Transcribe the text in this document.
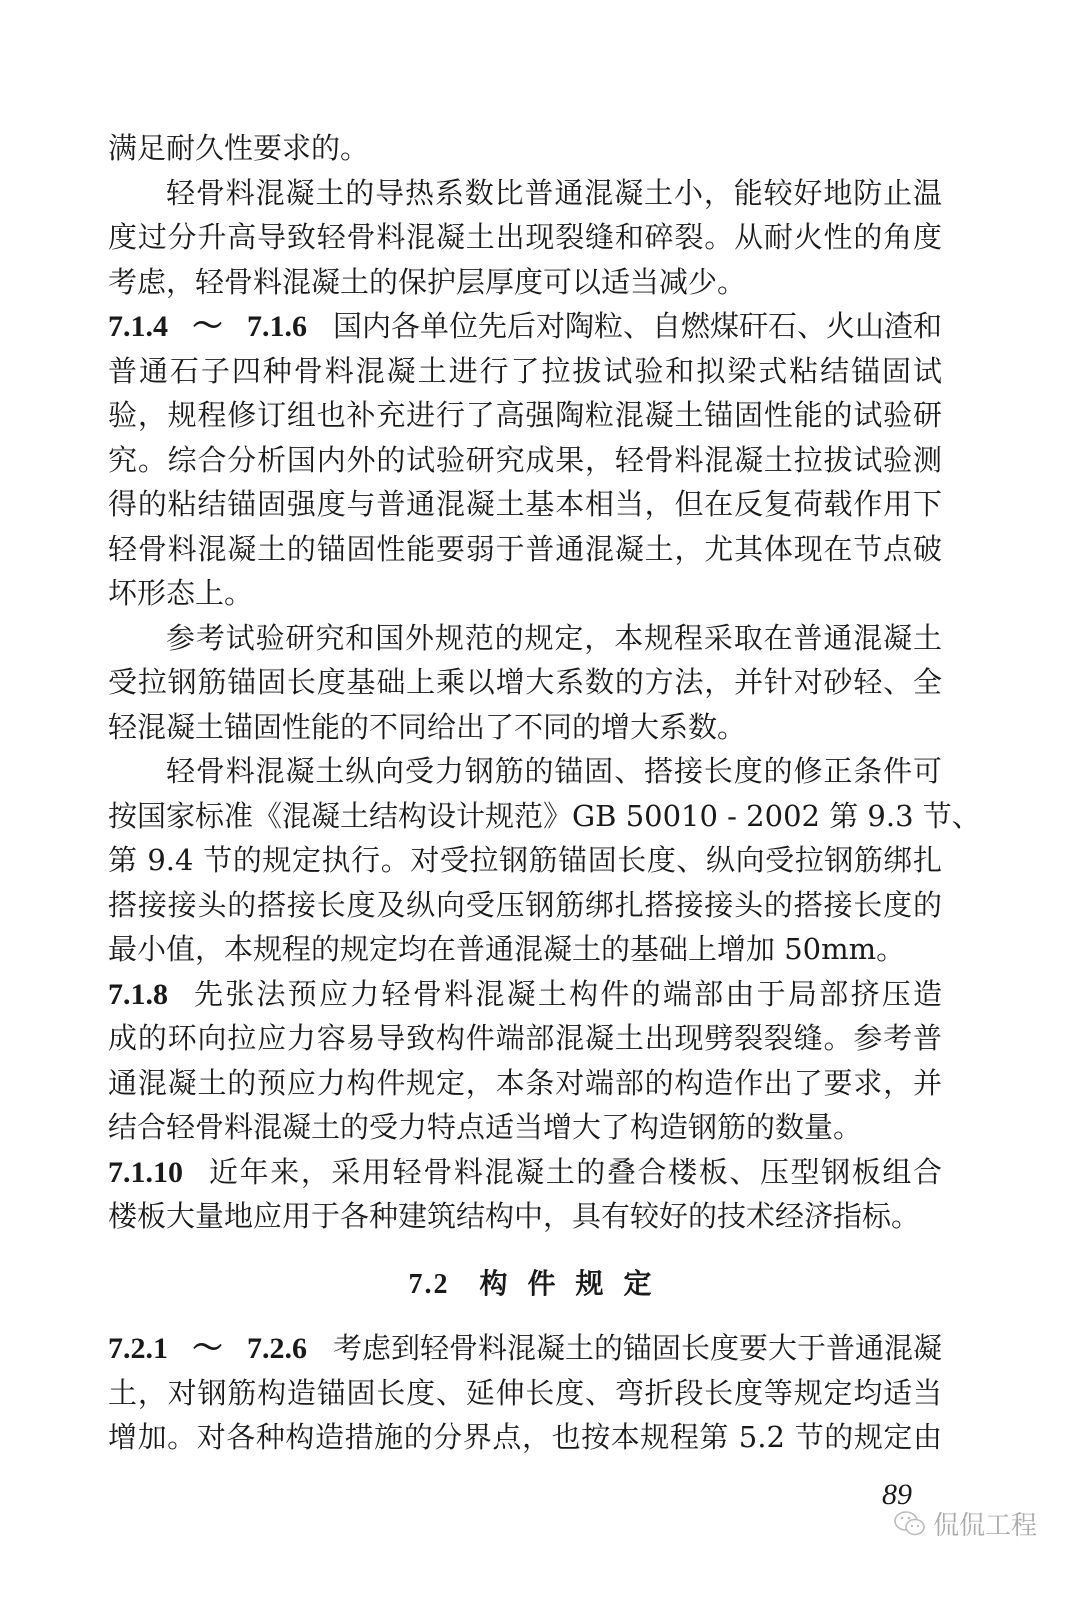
满足耐久性要求的。
轻骨料混凝土的导热系数比普通混凝土小，能较好地防止温
度过分升高导致轻骨料混凝土出现裂缝和碎裂。从耐火性的角度
考虑，轻骨料混凝土的保护层厚度可以适当减少。
7.1.4～7.1.6 国内各单位先后对陶粒、自燃煤矸石、火山渣和
普通石子四种骨料混凝土进行了拉拔试验和拟梁式粘结锚固试
验，规程修订组也补充进行了高强陶粒混凝土锚固性能的试验研
究。综合分析国内外的试验研究成果，轻骨料混凝土拉拔试验测
得的粘结锚固强度与普通混凝土基本相当，但在反复荷载作用下
轻骨料混凝土的锚固性能要弱于普通混凝土，尤其体现在节点破
坏形态上。
参考试验研究和国外规范的规定，本规程采取在普通混凝土
受拉钢筋锚固长度基础上乘以增大系数的方法，并针对砂轻、全
轻混凝土锚固性能的不同给出了不同的增大系数。
轻骨料混凝土纵向受力钢筋的锚固、搭接长度的修正条件可
按国家标准《混凝土结构设计规范》GB 50010 - 2002 第 9.3 节、
第 9.4 节的规定执行。对受拉钢筋锚固长度、纵向受拉钢筋绑扎
搭接接头的搭接长度及纵向受压钢筋绑扎搭接接头的搭接长度的
最小值，本规程的规定均在普通混凝土的基础上增加 50mm。
7.1.8 先张法预应力轻骨料混凝土构件的端部由于局部挤压造
成的环向拉应力容易导致构件端部混凝土出现劈裂裂缝。参考普
通混凝土的预应力构件规定，本条对端部的构造作出了要求，并
结合轻骨料混凝土的受力特点适当增大了构造钢筋的数量。
7.1.10 近年来，采用轻骨料混凝土的叠合楼板、压型钢板组合
楼板大量地应用于各种建筑结构中，具有较好的技术经济指标。
7.2 构件规定
7.2.1～7.2.6 考虑到轻骨料混凝土的锚固长度要大于普通混凝
土，对钢筋构造锚固长度、延伸长度、弯折段长度等规定均适当
增加。对各种构造措施的分界点，也按本规程第 5.2 节的规定由
89
侃侃工程
